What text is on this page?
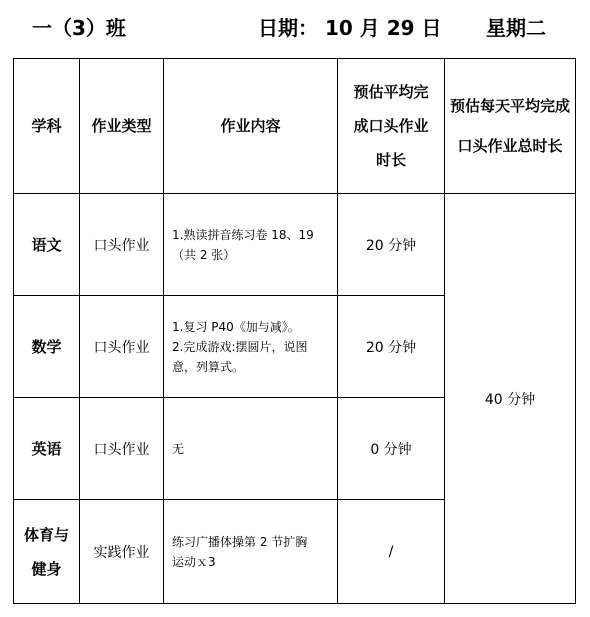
一（3）班	日期： 10 月 29 日 星期二
学科	作业类型	作业内容	预估平均完
成口头作业
时长	预估每天平均完成
口头作业总时长

语文	口头作业	1.熟读拼音练习卷 18、19
（共 2 张）	20 分钟	40 分钟

数学	口头作业	1.复习 P40《加与减》。
2.完成游戏:摆圆片，说图
意，列算式。	20 分钟	

英语	口头作业	无	0 分钟	

体育与
健身	实践作业	练习广播体操第 2 节扩胸
运动ｘ3	/	
